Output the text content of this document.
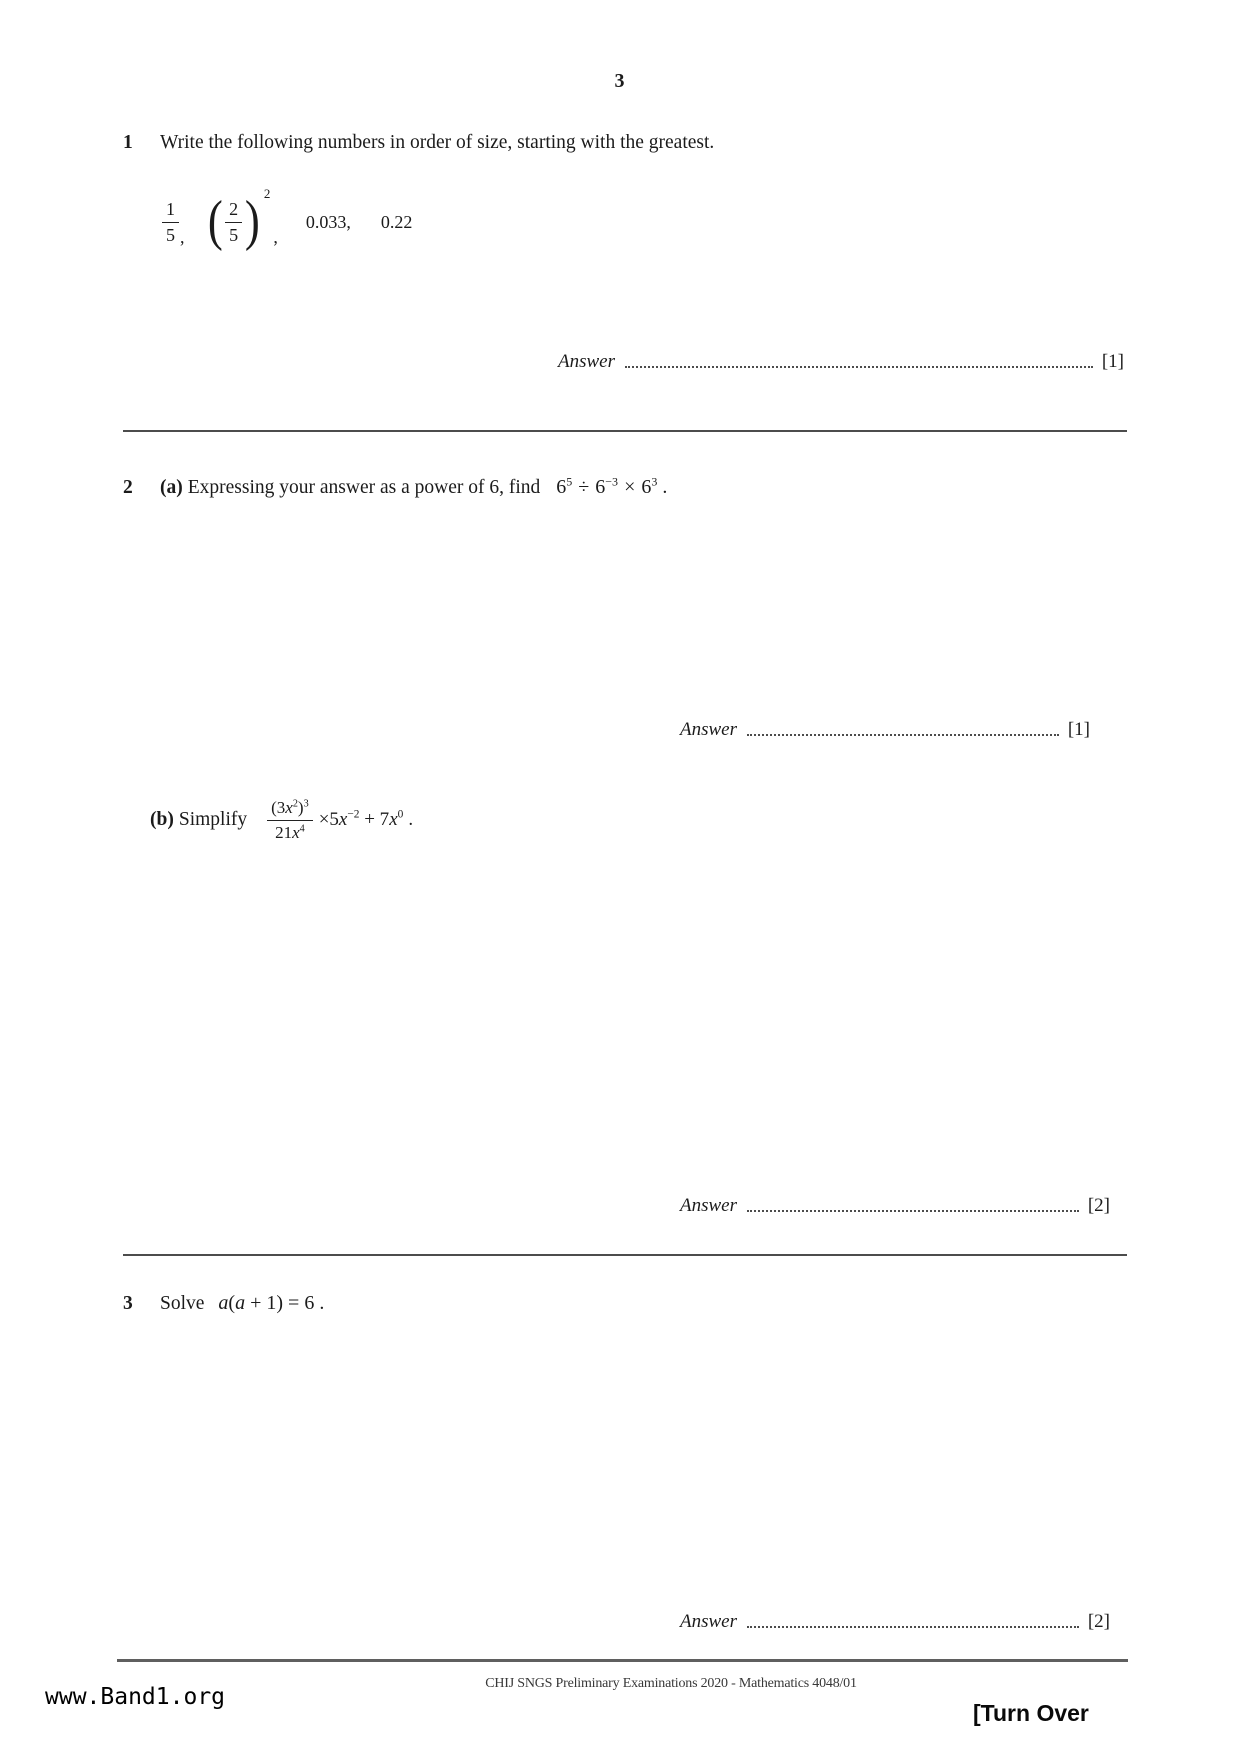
3
1	Write the following numbers in order of size, starting with the greatest.
$\frac{1}{5}$ , ( $\frac{2}{5}$ ) 2
,
0.033, 0.22
Answer	[1]
2	(a) Expressing your answer as a power of 6, find $6^5 \div 6^{-3} \times 6^3$ .
Answer	[1]
(b) Simplify $\frac{(3x^2)^3}{21x^4} \times 5x^{-2} + 7x^0$ .
Answer	[2]
3	Solve a(a + 1) = 6 .
Answer	[2]
CHIJ SNGS Preliminary Examinations 2020 - Mathematics 4048/01
www.Band1.org
[Turn Over
